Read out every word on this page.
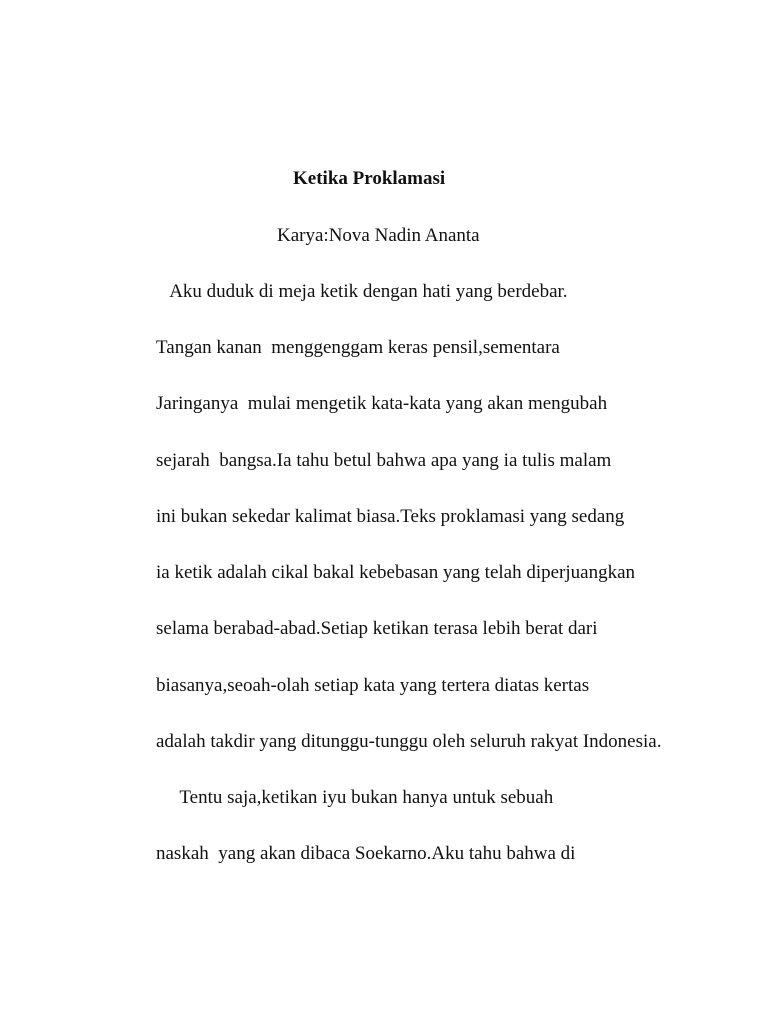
Ketika Proklamasi

Karya:Nova Nadin Ananta

Aku duduk di meja ketik dengan hati yang berdebar.

Tangan kanan  menggenggam keras pensil,sementara

Jaringanya  mulai mengetik kata-kata yang akan mengubah

sejarah  bangsa.Ia tahu betul bahwa apa yang ia tulis malam

ini bukan sekedar kalimat biasa.Teks proklamasi yang sedang

ia ketik adalah cikal bakal kebebasan yang telah diperjuangkan

selama berabad-abad.Setiap ketikan terasa lebih berat dari

biasanya,seoah-olah setiap kata yang tertera diatas kertas

adalah takdir yang ditunggu-tunggu oleh seluruh rakyat Indonesia.

Tentu saja,ketikan iyu bukan hanya untuk sebuah

naskah  yang akan dibaca Soekarno.Aku tahu bahwa di
